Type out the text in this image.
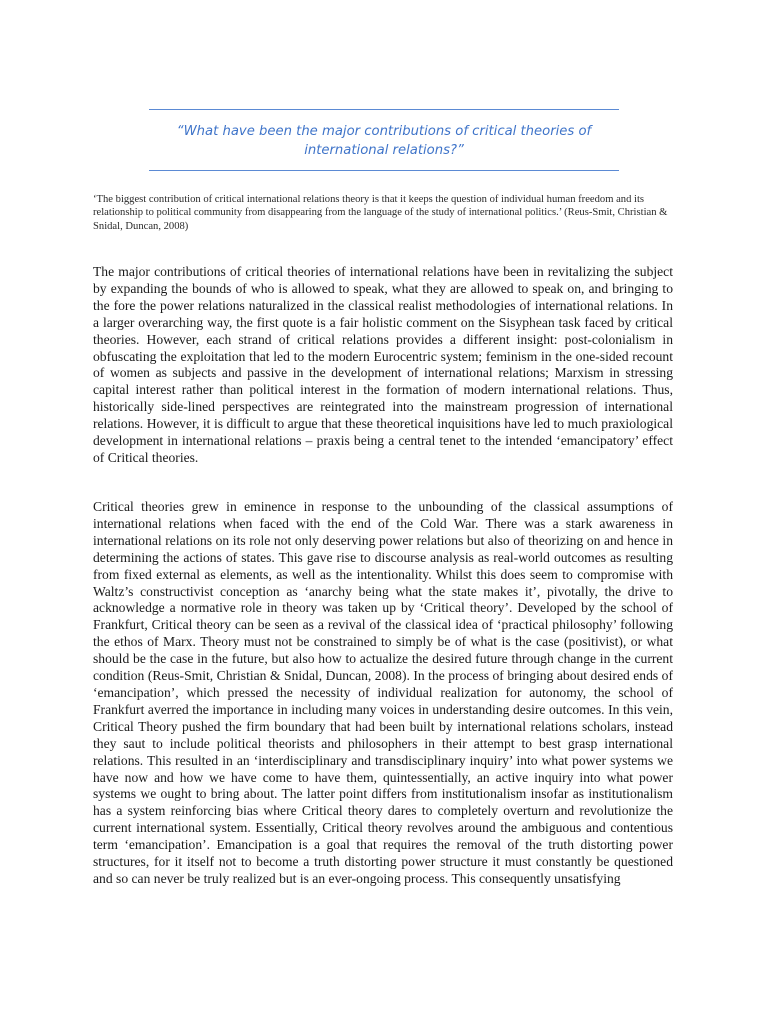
“What have been the major contributions of critical theories of international relations?”

‘The biggest contribution of critical international relations theory is that it keeps the question of individual human freedom and its relationship to political community from disappearing from the language of the study of international politics.’ (Reus-Smit, Christian & Snidal, Duncan, 2008)

The major contributions of critical theories of international relations have been in revitalizing the subject by expanding the bounds of who is allowed to speak, what they are allowed to speak on, and bringing to the fore the power relations naturalized in the classical realist methodologies of international relations. In a larger overarching way, the first quote is a fair holistic comment on the Sisyphean task faced by critical theories. However, each strand of critical relations provides a different insight: post-colonialism in obfuscating the exploitation that led to the modern Eurocentric system; feminism in the one-sided recount of women as subjects and passive in the development of international relations; Marxism in stressing capital interest rather than political interest in the formation of modern international relations. Thus, historically side-lined perspectives are reintegrated into the mainstream progression of international relations. However, it is difficult to argue that these theoretical inquisitions have led to much praxiological development in international relations – praxis being a central tenet to the intended ‘emancipatory’ effect of Critical theories.

Critical theories grew in eminence in response to the unbounding of the classical assumptions of international relations when faced with the end of the Cold War. There was a stark awareness in international relations on its role not only deserving power relations but also of theorizing on and hence in determining the actions of states. This gave rise to discourse analysis as real-world outcomes as resulting from fixed external as elements, as well as the intentionality. Whilst this does seem to compromise with Waltz’s constructivist conception as ‘anarchy being what the state makes it’, pivotally, the drive to acknowledge a normative role in theory was taken up by ‘Critical theory’. Developed by the school of Frankfurt, Critical theory can be seen as a revival of the classical idea of ‘practical philosophy’ following the ethos of Marx. Theory must not be constrained to simply be of what is the case (positivist), or what should be the case in the future, but also how to actualize the desired future through change in the current condition (Reus-Smit, Christian & Snidal, Duncan, 2008). In the process of bringing about desired ends of ‘emancipation’, which pressed the necessity of individual realization for autonomy, the school of Frankfurt averred the importance in including many voices in understanding desire outcomes. In this vein, Critical Theory pushed the firm boundary that had been built by international relations scholars, instead they saut to include political theorists and philosophers in their attempt to best grasp international relations. This resulted in an ‘interdisciplinary and transdisciplinary inquiry’ into what power systems we have now and how we have come to have them, quintessentially, an active inquiry into what power systems we ought to bring about. The latter point differs from institutionalism insofar as institutionalism has a system reinforcing bias where Critical theory dares to completely overturn and revolutionize the current international system. Essentially, Critical theory revolves around the ambiguous and contentious term ‘emancipation’. Emancipation is a goal that requires the removal of the truth distorting power structures, for it itself not to become a truth distorting power structure it must constantly be questioned and so can never be truly realized but is an ever-ongoing process. This consequently unsatisfying
